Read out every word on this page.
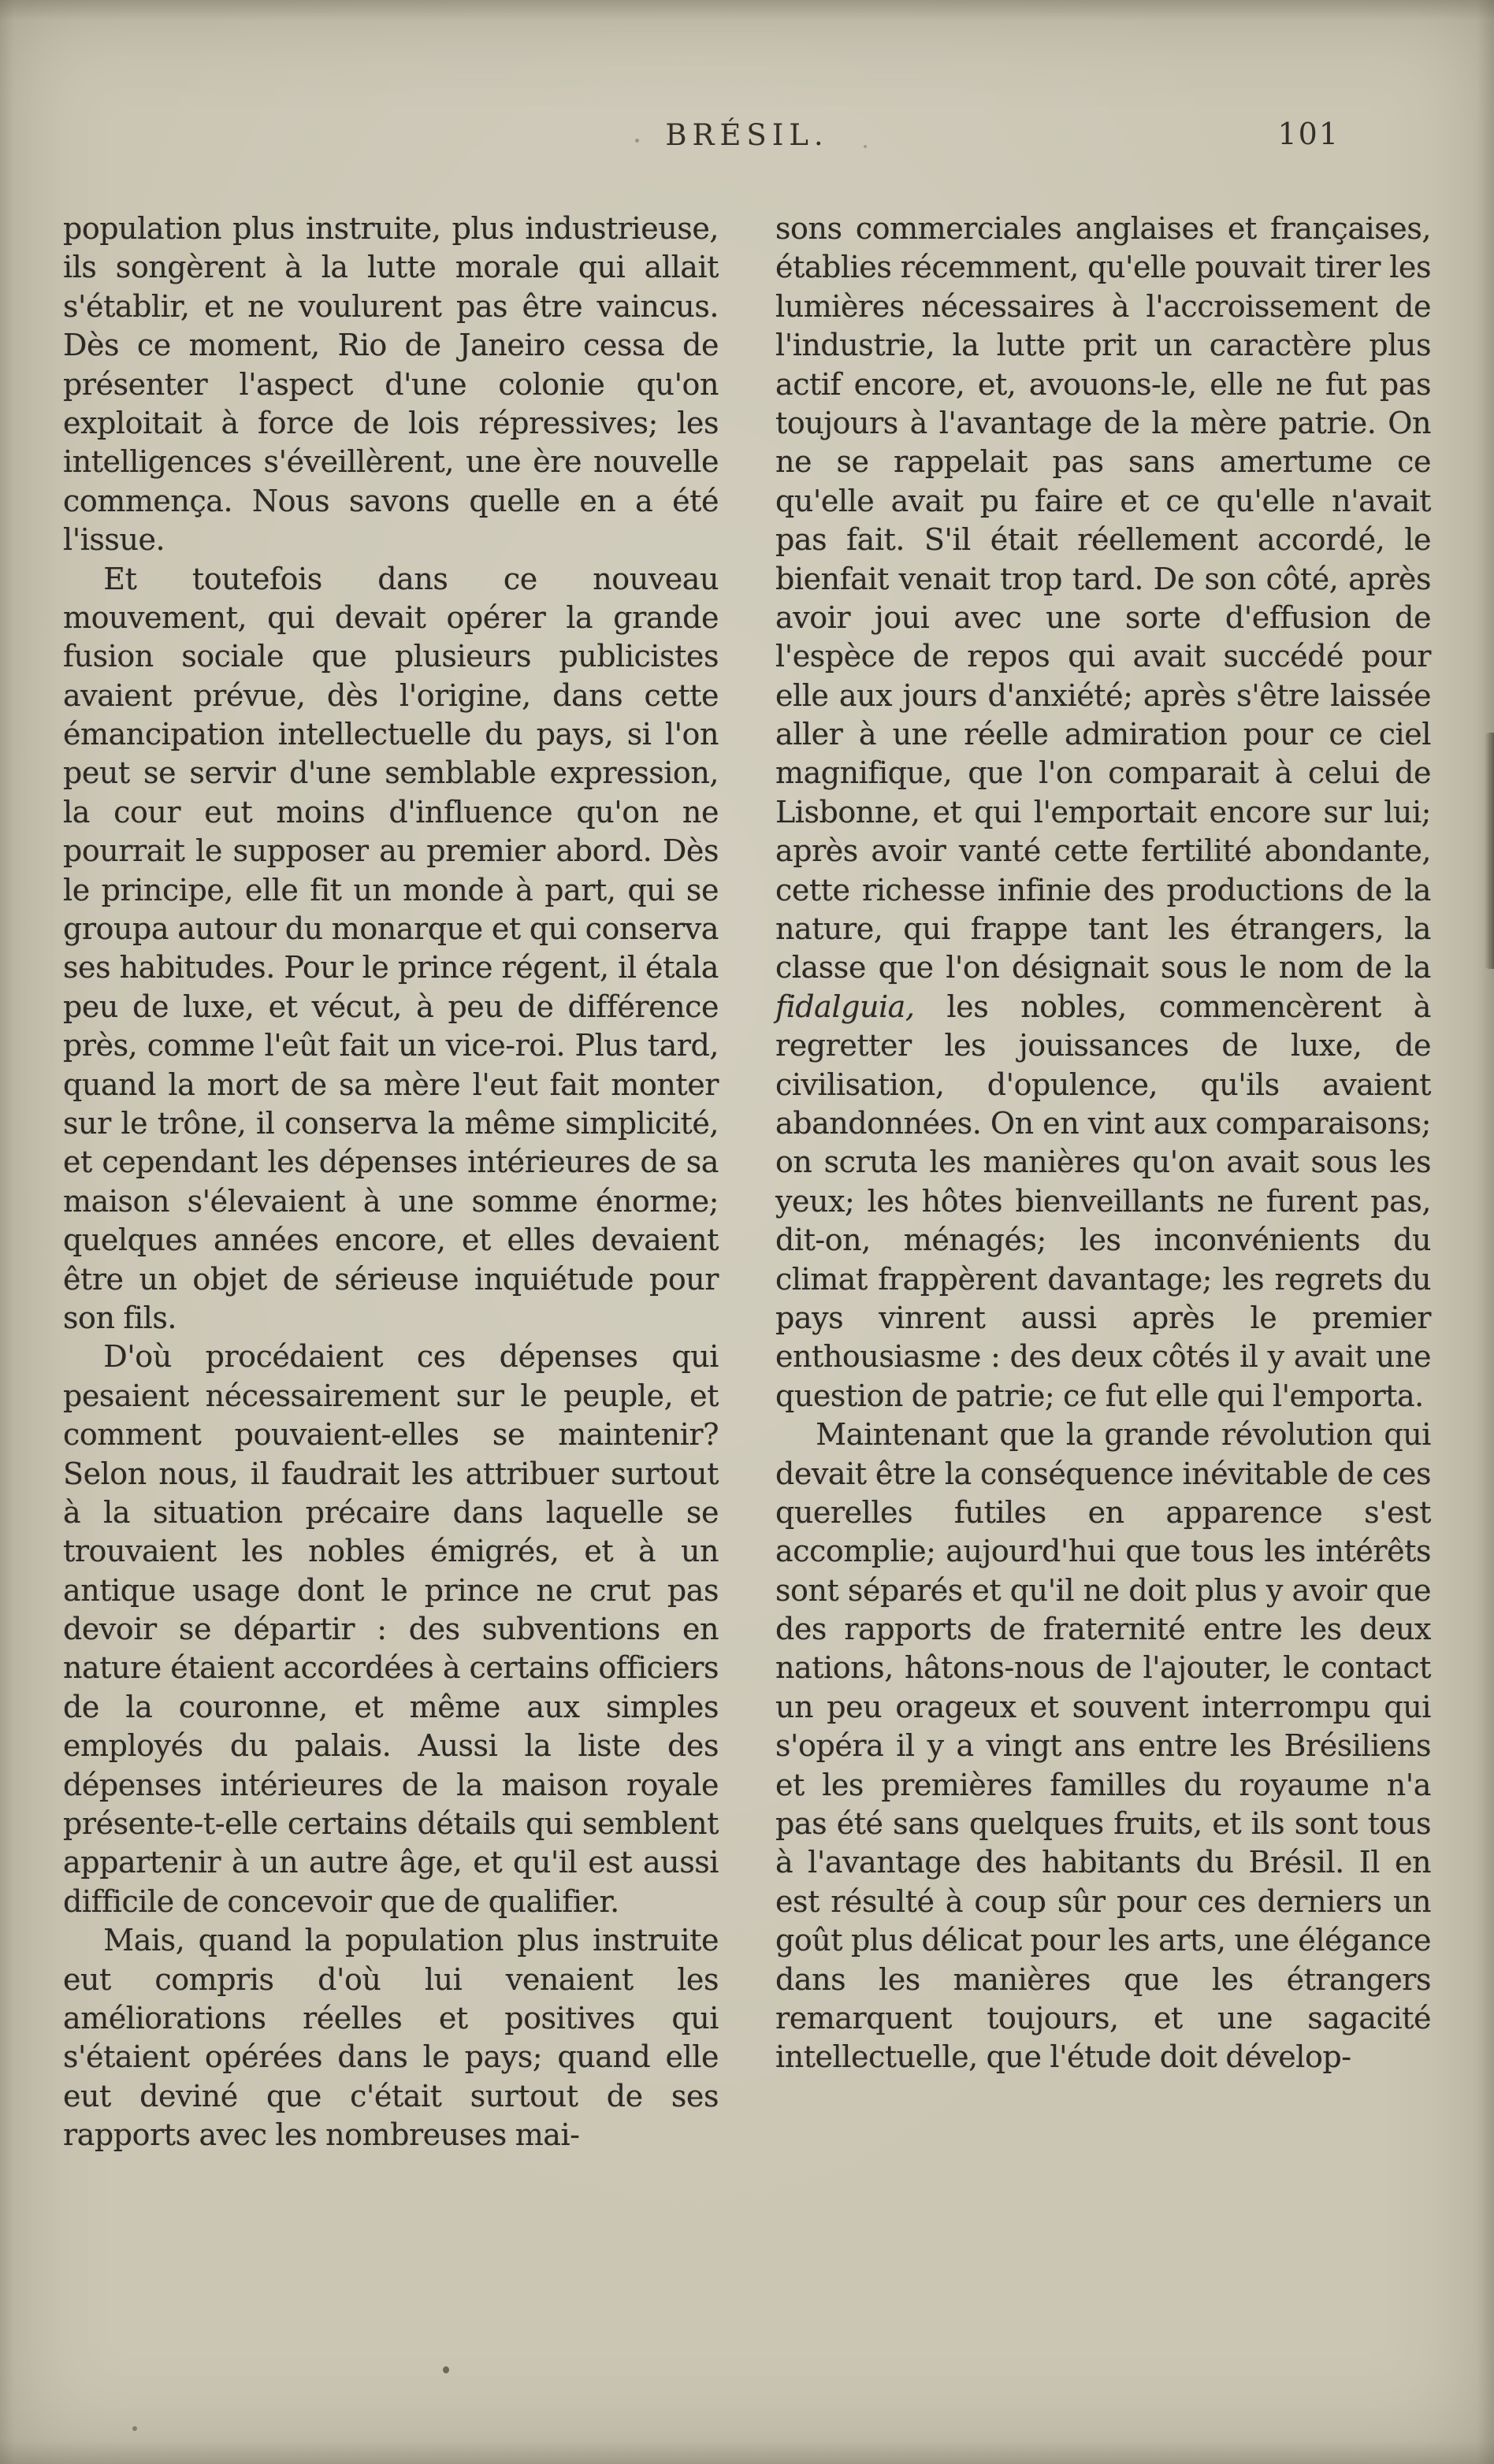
BRÉSIL.	101

population plus instruite, plus industrieuse, ils songèrent à la lutte morale qui allait s'établir, et ne voulurent pas être vaincus. Dès ce moment, Rio de Janeiro cessa de présenter l'aspect d'une colonie qu'on exploitait à force de lois répressives; les intelligences s'éveillèrent, une ère nouvelle commença. Nous savons quelle en a été l'issue.

Et toutefois dans ce nouveau mouvement, qui devait opérer la grande fusion sociale que plusieurs publicistes avaient prévue, dès l'origine, dans cette émancipation intellectuelle du pays, si l'on peut se servir d'une semblable expression, la cour eut moins d'influence qu'on ne pourrait le supposer au premier abord. Dès le principe, elle fit un monde à part, qui se groupa autour du monarque et qui conserva ses habitudes. Pour le prince régent, il étala peu de luxe, et vécut, à peu de différence près, comme l'eût fait un vice-roi. Plus tard, quand la mort de sa mère l'eut fait monter sur le trône, il conserva la même simplicité, et cependant les dépenses intérieures de sa maison s'élevaient à une somme énorme; quelques années encore, et elles devaient être un objet de sérieuse inquiétude pour son fils.

D'où procédaient ces dépenses qui pesaient nécessairement sur le peuple, et comment pouvaient-elles se maintenir? Selon nous, il faudrait les attribuer surtout à la situation précaire dans laquelle se trouvaient les nobles émigrés, et à un antique usage dont le prince ne crut pas devoir se départir : des subventions en nature étaient accordées à certains officiers de la couronne, et même aux simples employés du palais. Aussi la liste des dépenses intérieures de la maison royale présente-t-elle certains détails qui semblent appartenir à un autre âge, et qu'il est aussi difficile de concevoir que de qualifier.

Mais, quand la population plus instruite eut compris d'où lui venaient les améliorations réelles et positives qui s'étaient opérées dans le pays; quand elle eut deviné que c'était surtout de ses rapports avec les nombreuses mai-

sons commerciales anglaises et françaises, établies récemment, qu'elle pouvait tirer les lumières nécessaires à l'accroissement de l'industrie, la lutte prit un caractère plus actif encore, et, avouons-le, elle ne fut pas toujours à l'avantage de la mère patrie. On ne se rappelait pas sans amertume ce qu'elle avait pu faire et ce qu'elle n'avait pas fait. S'il était réellement accordé, le bienfait venait trop tard. De son côté, après avoir joui avec une sorte d'effusion de l'espèce de repos qui avait succédé pour elle aux jours d'anxiété; après s'être laissée aller à une réelle admiration pour ce ciel magnifique, que l'on comparait à celui de Lisbonne, et qui l'emportait encore sur lui; après avoir vanté cette fertilité abondante, cette richesse infinie des productions de la nature, qui frappe tant les étrangers, la classe que l'on désignait sous le nom de la fidalguia, les nobles, commencèrent à regretter les jouissances de luxe, de civilisation, d'opulence, qu'ils avaient abandonnées. On en vint aux comparaisons; on scruta les manières qu'on avait sous les yeux; les hôtes bienveillants ne furent pas, dit-on, ménagés; les inconvénients du climat frappèrent davantage; les regrets du pays vinrent aussi après le premier enthousiasme : des deux côtés il y avait une question de patrie; ce fut elle qui l'emporta.

Maintenant que la grande révolution qui devait être la conséquence inévitable de ces querelles futiles en apparence s'est accomplie; aujourd'hui que tous les intérêts sont séparés et qu'il ne doit plus y avoir que des rapports de fraternité entre les deux nations, hâtons-nous de l'ajouter, le contact un peu orageux et souvent interrompu qui s'opéra il y a vingt ans entre les Brésiliens et les premières familles du royaume n'a pas été sans quelques fruits, et ils sont tous à l'avantage des habitants du Brésil. Il en est résulté à coup sûr pour ces derniers un goût plus délicat pour les arts, une élégance dans les manières que les étrangers remarquent toujours, et une sagacité intellectuelle, que l'étude doit dévelop-
